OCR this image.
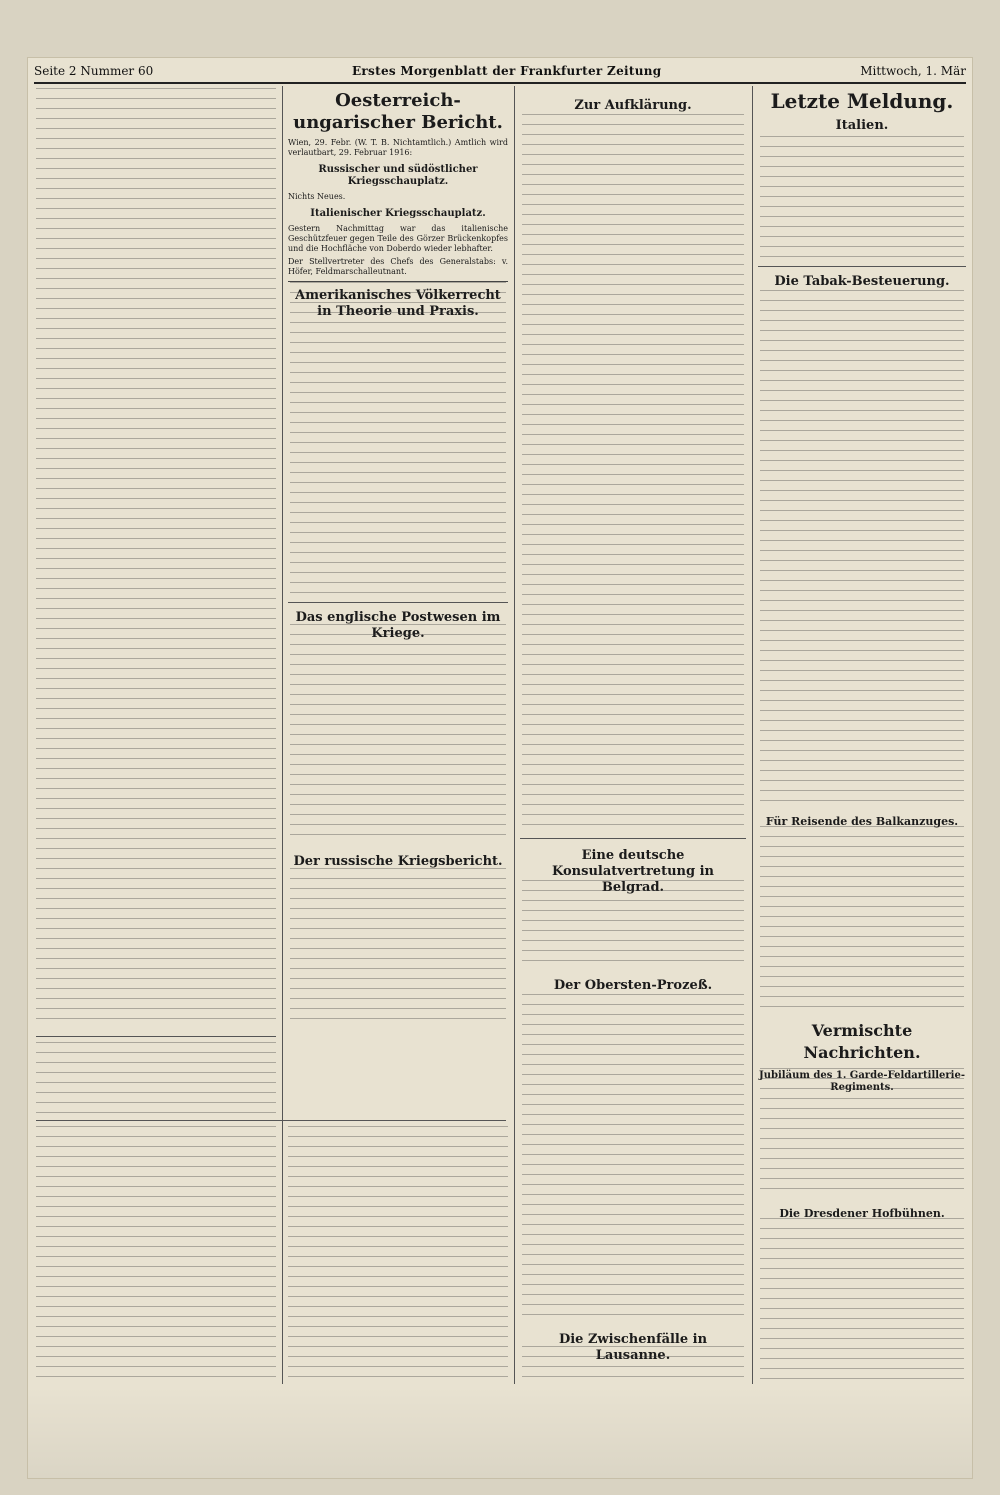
Seite 2 Nummer 60	Erstes Morgenblatt der Frankfurter Zeitung	Mittwoch, 1. Mär
Oesterreich-ungarischer Bericht.

Wien, 29. Febr. (W. T. B. Nichtamtlich.) Amtlich wird verlautbart, 29. Februar 1916:

Russischer und südöstlicher Kriegsschauplatz.

Nichts Neues.

Italienischer Kriegsschauplatz.

Gestern Nachmittag war das italienische Geschützfeuer gegen Teile des Görzer Brückenkopfes und die Hochfläche von Doberdo wieder lebhafter.

Der Stellvertreter des Chefs des Generalstabs: v. Höfer, Feldmarschalleutnant.

Amerikanisches Völkerrecht in Theorie und Praxis.
Das englische Postwesen im Kriege.
Der russische Kriegsbericht.
Zur Aufklärung.
Eine deutsche Konsulatvertretung in Belgrad.
Der Obersten-Prozeß.
Die Zwischenfälle in Lausanne.
Letzte Meldung.
Italien.
Die Tabak-Besteuerung.
Für Reisende des Balkanzuges.
Vermischte Nachrichten.
Jubiläum des 1. Garde-Feldartillerie-Regiments.
Die Dresdener Hofbühnen.
